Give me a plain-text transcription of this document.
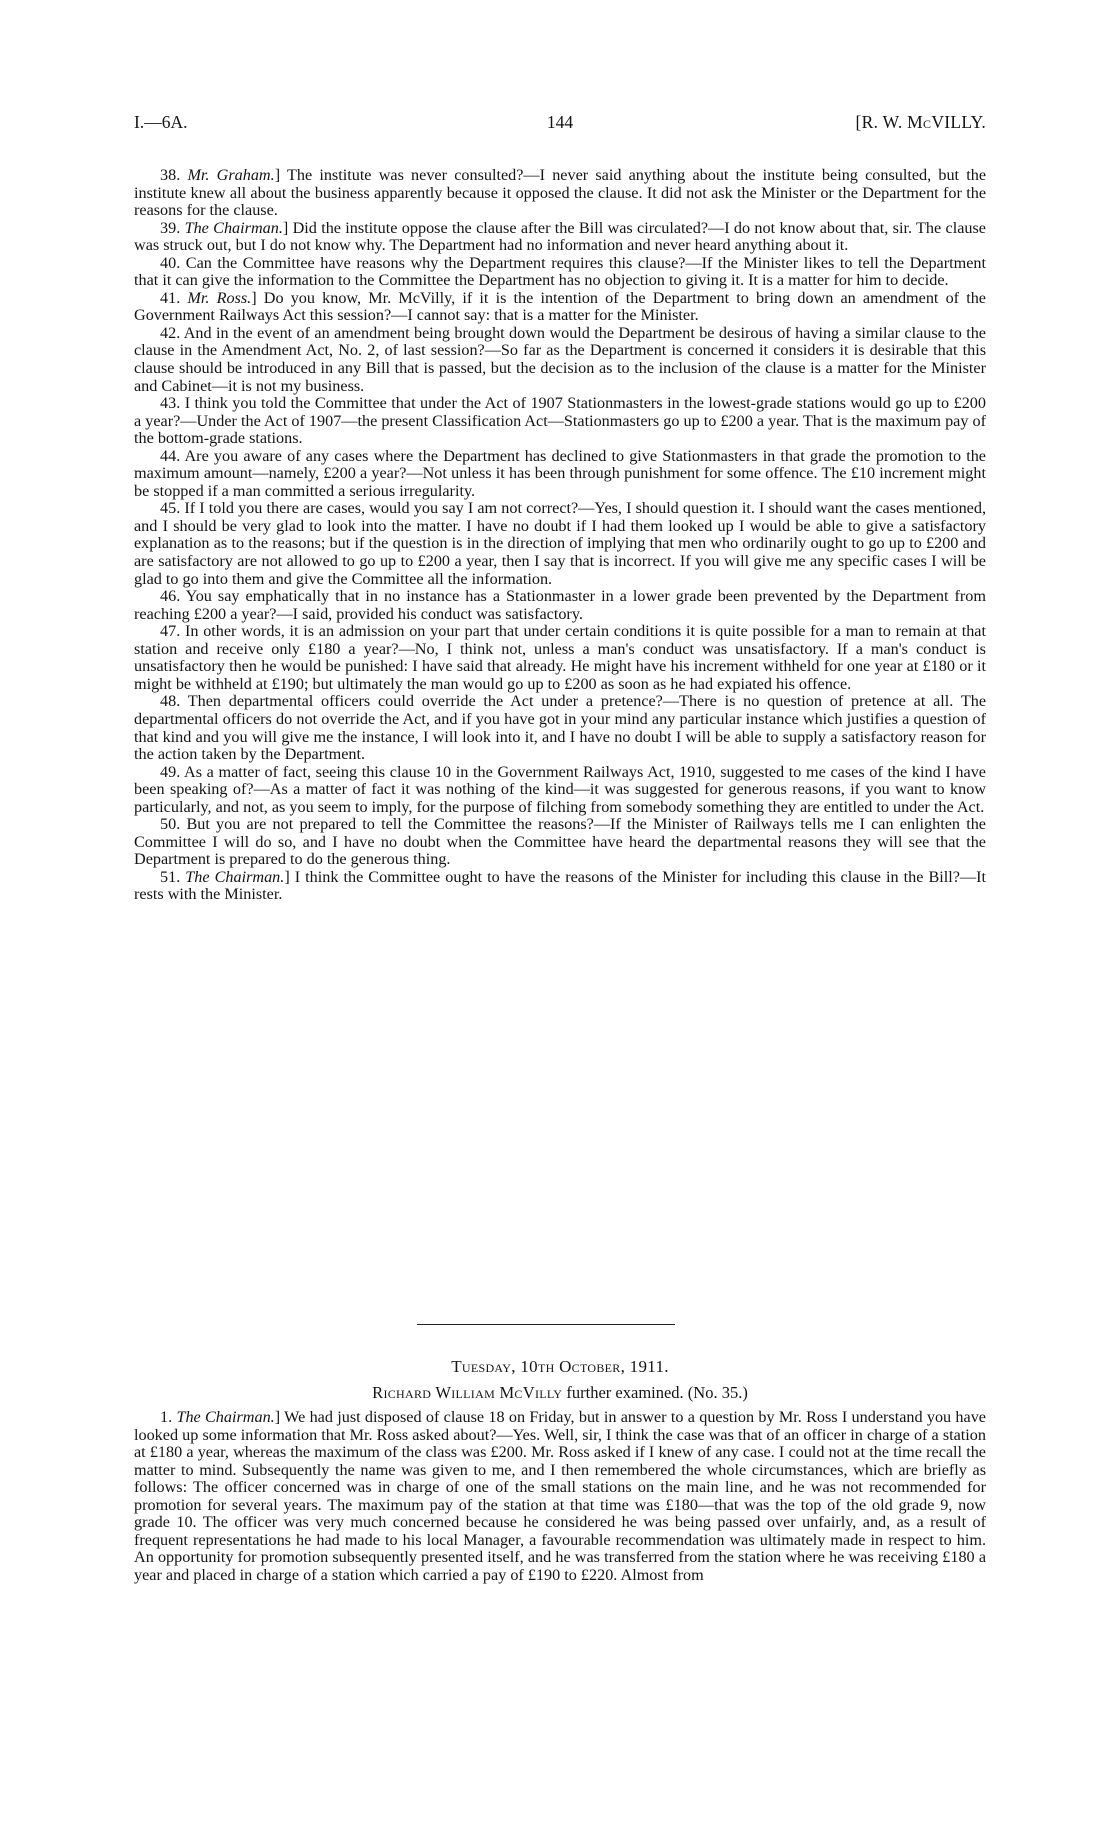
I.—6A.	144	[R. W. McVILLY.

38. Mr. Graham.] The institute was never consulted?—I never said anything about the institute being consulted, but the institute knew all about the business apparently because it opposed the clause. It did not ask the Minister or the Department for the reasons for the clause.

39. The Chairman.] Did the institute oppose the clause after the Bill was circulated?—I do not know about that, sir. The clause was struck out, but I do not know why. The Department had no information and never heard anything about it.

40. Can the Committee have reasons why the Department requires this clause?—If the Minister likes to tell the Department that it can give the information to the Committee the Department has no objection to giving it. It is a matter for him to decide.

41. Mr. Ross.] Do you know, Mr. McVilly, if it is the intention of the Department to bring down an amendment of the Government Railways Act this session?—I cannot say: that is a matter for the Minister.

42. And in the event of an amendment being brought down would the Department be desirous of having a similar clause to the clause in the Amendment Act, No. 2, of last session?—So far as the Department is concerned it considers it is desirable that this clause should be introduced in any Bill that is passed, but the decision as to the inclusion of the clause is a matter for the Minister and Cabinet—it is not my business.

43. I think you told the Committee that under the Act of 1907 Stationmasters in the lowest-grade stations would go up to £200 a year?—Under the Act of 1907—the present Classification Act—Stationmasters go up to £200 a year. That is the maximum pay of the bottom-grade stations.

44. Are you aware of any cases where the Department has declined to give Stationmasters in that grade the promotion to the maximum amount—namely, £200 a year?—Not unless it has been through punishment for some offence. The £10 increment might be stopped if a man committed a serious irregularity.

45. If I told you there are cases, would you say I am not correct?—Yes, I should question it. I should want the cases mentioned, and I should be very glad to look into the matter. I have no doubt if I had them looked up I would be able to give a satisfactory explanation as to the reasons; but if the question is in the direction of implying that men who ordinarily ought to go up to £200 and are satisfactory are not allowed to go up to £200 a year, then I say that is incorrect. If you will give me any specific cases I will be glad to go into them and give the Committee all the information.

46. You say emphatically that in no instance has a Stationmaster in a lower grade been prevented by the Department from reaching £200 a year?—I said, provided his conduct was satisfactory.

47. In other words, it is an admission on your part that under certain conditions it is quite possible for a man to remain at that station and receive only £180 a year?—No, I think not, unless a man's conduct was unsatisfactory. If a man's conduct is unsatisfactory then he would be punished: I have said that already. He might have his increment withheld for one year at £180 or it might be withheld at £190; but ultimately the man would go up to £200 as soon as he had expiated his offence.

48. Then departmental officers could override the Act under a pretence?—There is no question of pretence at all. The departmental officers do not override the Act, and if you have got in your mind any particular instance which justifies a question of that kind and you will give me the instance, I will look into it, and I have no doubt I will be able to supply a satisfactory reason for the action taken by the Department.

49. As a matter of fact, seeing this clause 10 in the Government Railways Act, 1910, suggested to me cases of the kind I have been speaking of?—As a matter of fact it was nothing of the kind—it was suggested for generous reasons, if you want to know particularly, and not, as you seem to imply, for the purpose of filching from somebody something they are entitled to under the Act.

50. But you are not prepared to tell the Committee the reasons?—If the Minister of Railways tells me I can enlighten the Committee I will do so, and I have no doubt when the Committee have heard the departmental reasons they will see that the Department is prepared to do the generous thing.

51. The Chairman.] I think the Committee ought to have the reasons of the Minister for including this clause in the Bill?—It rests with the Minister.

Tuesday, 10th October, 1911.
Richard William McVilly further examined. (No. 35.)

1. The Chairman.] We had just disposed of clause 18 on Friday, but in answer to a question by Mr. Ross I understand you have looked up some information that Mr. Ross asked about?—Yes. Well, sir, I think the case was that of an officer in charge of a station at £180 a year, whereas the maximum of the class was £200. Mr. Ross asked if I knew of any case. I could not at the time recall the matter to mind. Subsequently the name was given to me, and I then remembered the whole circumstances, which are briefly as follows: The officer concerned was in charge of one of the small stations on the main line, and he was not recommended for promotion for several years. The maximum pay of the station at that time was £180—that was the top of the old grade 9, now grade 10. The officer was very much concerned because he considered he was being passed over unfairly, and, as a result of frequent representations he had made to his local Manager, a favourable recommendation was ultimately made in respect to him. An opportunity for promotion subsequently presented itself, and he was transferred from the station where he was receiving £180 a year and placed in charge of a station which carried a pay of £190 to £220. Almost from
